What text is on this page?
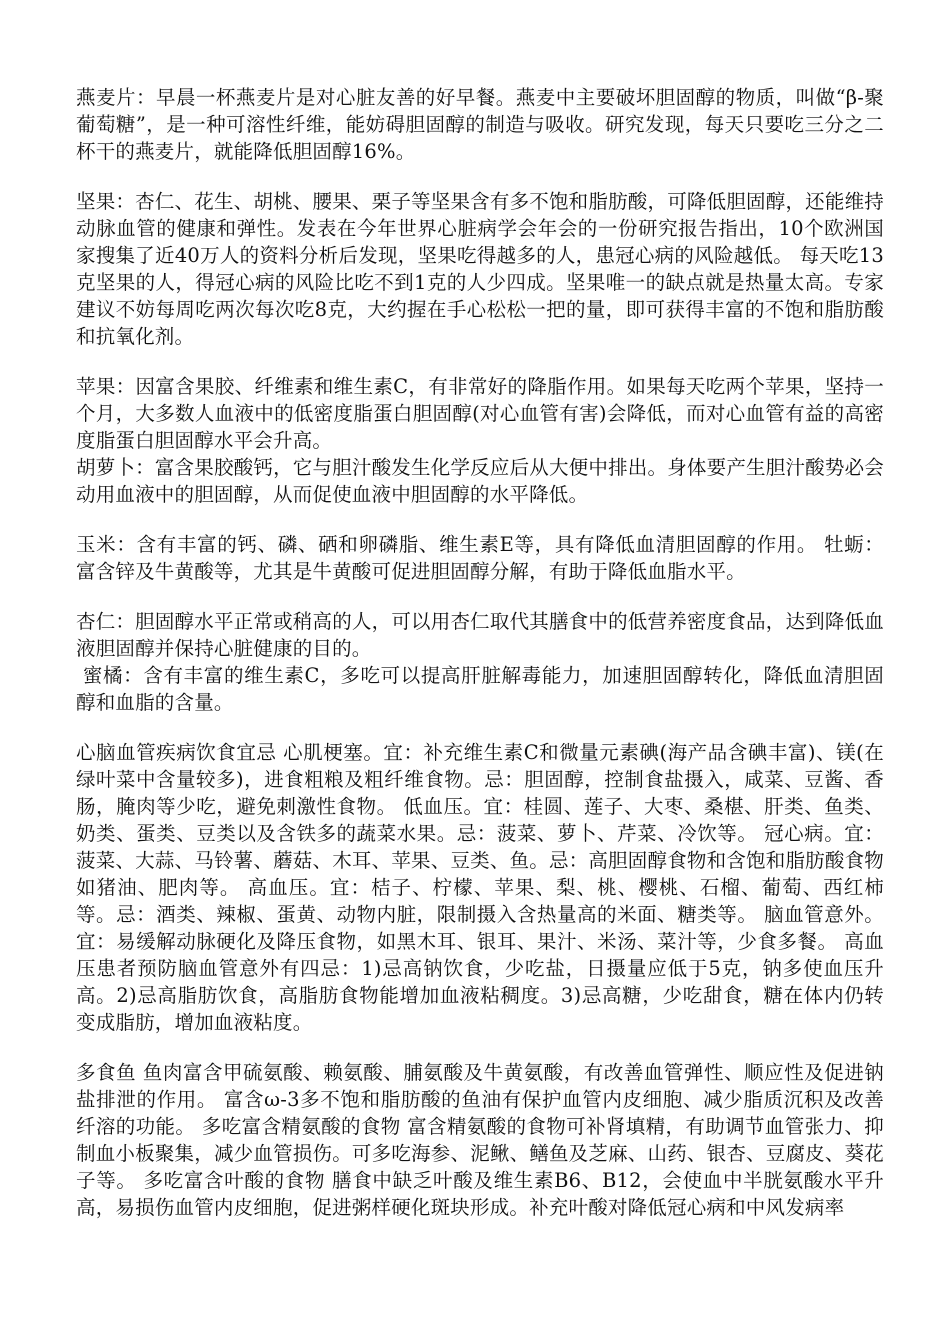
燕麦片：早晨一杯燕麦片是对心脏友善的好早餐。燕麦中主要破坏胆固醇的物质，叫做“β-聚葡萄糖”，是一种可溶性纤维，能妨碍胆固醇的制造与吸收。研究发现，每天只要吃三分之二杯干的燕麦片，就能降低胆固醇16%。

坚果：杏仁、花生、胡桃、腰果、栗子等坚果含有多不饱和脂肪酸，可降低胆固醇，还能维持动脉血管的健康和弹性。发表在今年世界心脏病学会年会的一份研究报告指出，10个欧洲国家搜集了近40万人的资料分析后发现，坚果吃得越多的人，患冠心病的风险越低。 每天吃13克坚果的人，得冠心病的风险比吃不到1克的人少四成。坚果唯一的缺点就是热量太高。专家建议不妨每周吃两次每次吃8克，大约握在手心松松一把的量，即可获得丰富的不饱和脂肪酸和抗氧化剂。

苹果：因富含果胶、纤维素和维生素C，有非常好的降脂作用。如果每天吃两个苹果，坚持一个月，大多数人血液中的低密度脂蛋白胆固醇(对心血管有害)会降低，而对心血管有益的高密度脂蛋白胆固醇水平会升高。
胡萝卜：富含果胶酸钙，它与胆汁酸发生化学反应后从大便中排出。身体要产生胆汁酸势必会动用血液中的胆固醇，从而促使血液中胆固醇的水平降低。

玉米：含有丰富的钙、磷、硒和卵磷脂、维生素E等，具有降低血清胆固醇的作用。 牡蛎：富含锌及牛黄酸等，尤其是牛黄酸可促进胆固醇分解，有助于降低血脂水平。

杏仁：胆固醇水平正常或稍高的人，可以用杏仁取代其膳食中的低营养密度食品，达到降低血液胆固醇并保持心脏健康的目的。
蜜橘：含有丰富的维生素C，多吃可以提高肝脏解毒能力，加速胆固醇转化，降低血清胆固醇和血脂的含量。

心脑血管疾病饮食宜忌 心肌梗塞。宜：补充维生素C和微量元素碘(海产品含碘丰富)、镁(在绿叶菜中含量较多)，进食粗粮及粗纤维食物。忌：胆固醇，控制食盐摄入，咸菜、豆酱、香肠，腌肉等少吃，避免刺激性食物。 低血压。宜：桂圆、莲子、大枣、桑椹、肝类、鱼类、奶类、蛋类、豆类以及含铁多的蔬菜水果。忌：菠菜、萝卜、芹菜、冷饮等。 冠心病。宜：菠菜、大蒜、马铃薯、蘑菇、木耳、苹果、豆类、鱼。忌：高胆固醇食物和含饱和脂肪酸食物如猪油、肥肉等。 高血压。宜：桔子、柠檬、苹果、梨、桃、樱桃、石榴、葡萄、西红柿等。忌：酒类、辣椒、蛋黄、动物内脏，限制摄入含热量高的米面、糖类等。 脑血管意外。宜：易缓解动脉硬化及降压食物，如黑木耳、银耳、果汁、米汤、菜汁等，少食多餐。 高血压患者预防脑血管意外有四忌：1)忌高钠饮食，少吃盐，日摄量应低于5克，钠多使血压升高。2)忌高脂肪饮食，高脂肪食物能增加血液粘稠度。3)忌高糖，少吃甜食，糖在体内仍转变成脂肪，增加血液粘度。

多食鱼 鱼肉富含甲硫氨酸、赖氨酸、脯氨酸及牛黄氨酸，有改善血管弹性、顺应性及促进钠盐排泄的作用。 富含ω-3多不饱和脂肪酸的鱼油有保护血管内皮细胞、减少脂质沉积及改善纤溶的功能。 多吃富含精氨酸的食物 富含精氨酸的食物可补肾填精，有助调节血管张力、抑制血小板聚集，减少血管损伤。可多吃海参、泥鳅、鳝鱼及芝麻、山药、银杏、豆腐皮、葵花子等。 多吃富含叶酸的食物 膳食中缺乏叶酸及维生素B6、B12，会使血中半胱氨酸水平升高，易损伤血管内皮细胞，促进粥样硬化斑块形成。补充叶酸对降低冠心病和中风发病率
